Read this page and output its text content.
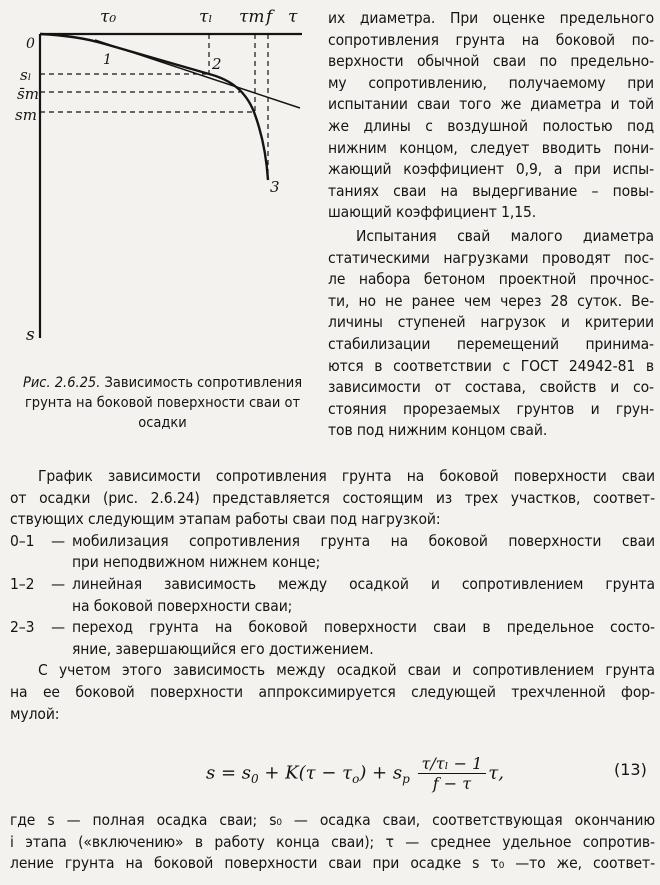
τ₀	τₗ τm f τ
0
sₗ
s̄m
sm
s
1	2
3
Рис. 2.6.25. Зависимость сопротивления грунта на боковой поверхности сваи от осадки

их диаметра. При оценке предельного

сопротивления грунта на боковой по-

верхности обычной сваи по предельно-

му сопротивлению, получаемому при

испытании сваи того же диаметра и той

же длины с воздушной полостью под

нижним концом, следует вводить пони-

жающий коэффициент 0,9, а при испы-

таниях сваи на выдергивание – повы-

шающий коэффициент 1,15.

Испытания свай малого диаметра

статическими нагрузками проводят пос-

ле набора бетоном проектной прочнос-

ти, но не ранее чем через 28 суток. Ве-

личины ступеней нагрузок и критерии

стабилизации перемещений принима-

ются в соответствии с ГОСТ 24942-81 в

зависимости от состава, свойств и со-

стояния прорезаемых грунтов и грун-

тов под нижним концом свай.

График зависимости сопротивления грунта на боковой поверхности сваи

от осадки (рис. 2.6.24) представляется состоящим из трех участков, соответ-

ствующих следующим этапам работы сваи под нагрузкой:

0–1	— мобилизация сопротивления грунта на боковой поверхности сваи

при неподвижном нижнем конце;

1–2	— линейная зависимость между осадкой и сопротивлением грунта

на боковой поверхности сваи;

2–3	— переход грунта на боковой поверхности сваи в предельное состо-

яние, завершающийся его достижением.

С учетом этого зависимость между осадкой сваи и сопротивлением грунта

на ее боковой поверхности аппроксимируется следующей трехчленной фор-

мулой:

$s = s_0 + K(\tau - \tau_o) + s_p \frac{\text{τ/τₗ − 1}}{f - \tau} \tau$,	(13)

где s — полная осадка сваи; s₀ — осадка сваи, соответствующая окончанию

i этапа («включению» в работу конца сваи); τ — среднее удельное сопротив-

ление грунта на боковой поверхности сваи при осадке s τ₀ —то же, соответ-
